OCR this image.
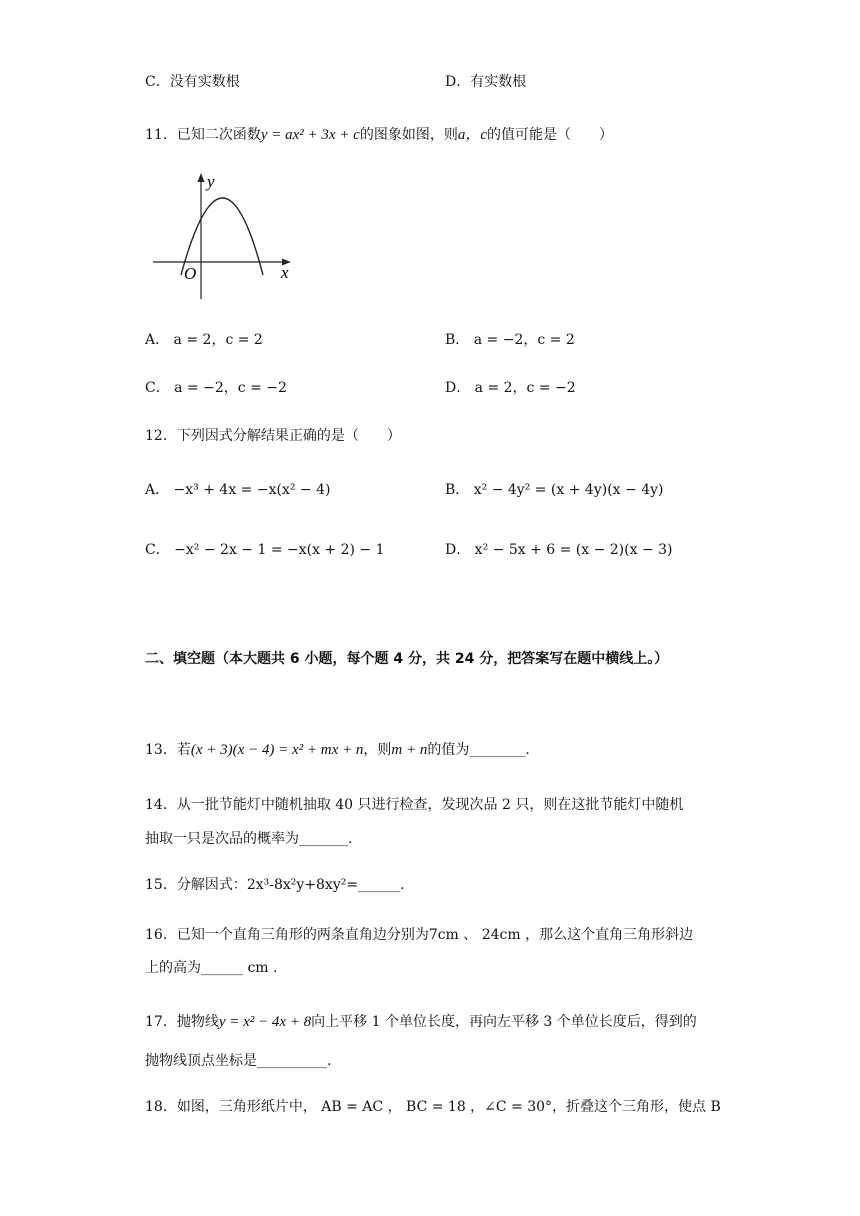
C．没有实数根	D．有实数根
11．已知二次函数y = ax² + 3x + c的图象如图，则a，c的值可能是（　　）
y
x
O
A． a = 2，c = 2	B． a = −2，c = 2
C． a = −2，c = −2	D． a = 2，c = −2
12．下列因式分解结果正确的是（　　）
A． −x³ + 4x = −x(x² − 4)	B． x² − 4y² = (x + 4y)(x − 4y)
C． −x² − 2x − 1 = −x(x + 2) − 1	D． x² − 5x + 6 = (x − 2)(x − 3)
二、填空题（本大题共 6 小题，每个题 4 分，共 24 分，把答案写在题中横线上。）
13．若(x + 3)(x − 4) = x² + mx + n，则m + n的值为________.
14．从一批节能灯中随机抽取 40 只进行检查，发现次品 2 只，则在这批节能灯中随机
抽取一只是次品的概率为_______.
15．分解因式：2x³-8x²y+8xy²=______.
16．已知一个直角三角形的两条直角边分别为7cm 、 24cm ，那么这个直角三角形斜边
上的高为______ cm .
17．抛物线y = x² − 4x + 8向上平移 1 个单位长度，再向左平移 3 个单位长度后，得到的
抛物线顶点坐标是__________.
18．如图，三角形纸片中， AB = AC ， BC = 18 ，∠C = 30°，折叠这个三角形，使点 B
